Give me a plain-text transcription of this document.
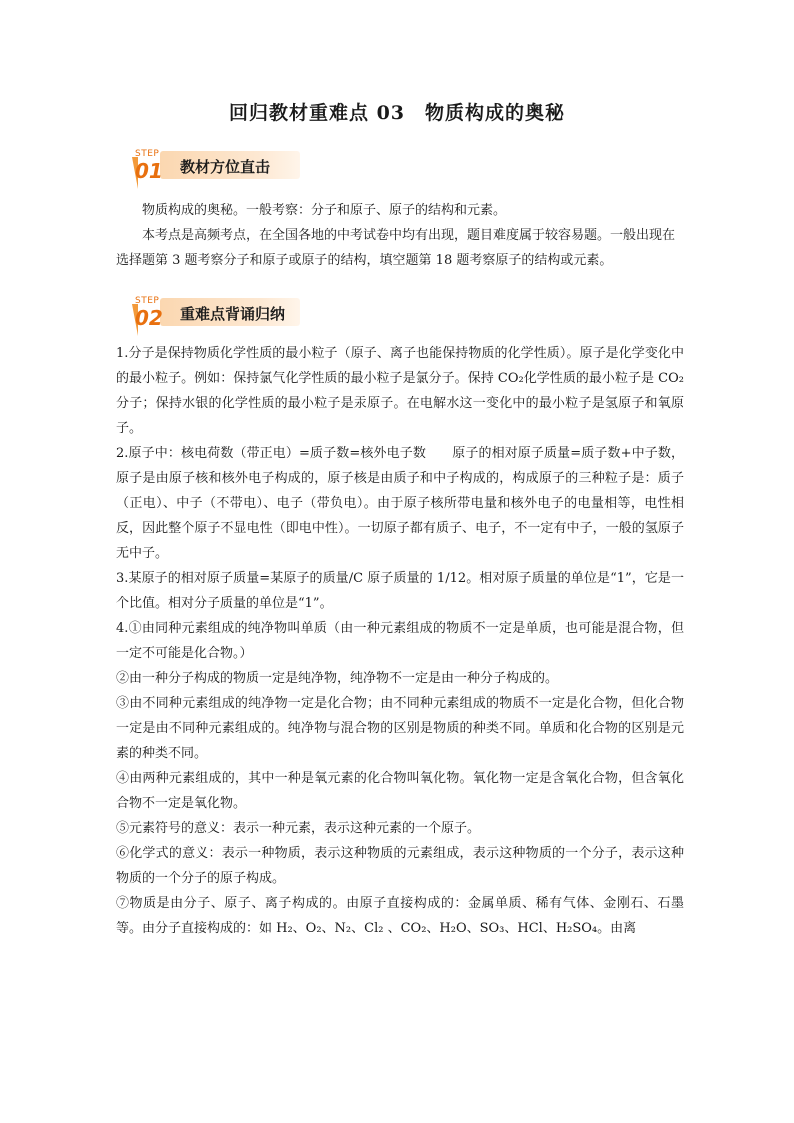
回归教材重难点 03　物质构成的奥秘
教材方位直击
STEP
01

物质构成的奥秘。一般考察：分子和原子、原子的结构和元素。

本考点是高频考点，在全国各地的中考试卷中均有出现，题目难度属于较容易题。一般出现在选择题第 3 题考察分子和原子或原子的结构，填空题第 18 题考察原子的结构或元素。

重难点背诵归纳
STEP
02

1.分子是保持物质化学性质的最小粒子（原子、离子也能保持物质的化学性质）。原子是化学变化中的最小粒子。例如：保持氯气化学性质的最小粒子是氯分子。保持 CO₂化学性质的最小粒子是 CO₂分子；保持水银的化学性质的最小粒子是汞原子。在电解水这一变化中的最小粒子是氢原子和氧原子。

2.原子中：核电荷数（带正电）=质子数=核外电子数　　原子的相对原子质量=质子数+中子数，原子是由原子核和核外电子构成的，原子核是由质子和中子构成的，构成原子的三种粒子是：质子（正电）、中子（不带电）、电子（带负电）。由于原子核所带电量和核外电子的电量相等，电性相反，因此整个原子不显电性（即电中性）。一切原子都有质子、电子，不一定有中子，一般的氢原子无中子。

3.某原子的相对原子质量=某原子的质量/C 原子质量的 1/12。相对原子质量的单位是“1”，它是一个比值。相对分子质量的单位是“1”。

4.①由同种元素组成的纯净物叫单质（由一种元素组成的物质不一定是单质，也可能是混合物，但一定不可能是化合物。）

②由一种分子构成的物质一定是纯净物，纯净物不一定是由一种分子构成的。

③由不同种元素组成的纯净物一定是化合物；由不同种元素组成的物质不一定是化合物，但化合物一定是由不同种元素组成的。纯净物与混合物的区别是物质的种类不同。单质和化合物的区别是元素的种类不同。

④由两种元素组成的，其中一种是氧元素的化合物叫氧化物。氧化物一定是含氧化合物，但含氧化合物不一定是氧化物。

⑤元素符号的意义：表示一种元素，表示这种元素的一个原子。

⑥化学式的意义：表示一种物质，表示这种物质的元素组成，表示这种物质的一个分子，表示这种物质的一个分子的原子构成。

⑦物质是由分子、原子、离子构成的。由原子直接构成的：金属单质、稀有气体、金刚石、石墨等。由分子直接构成的：如 H₂、O₂、N₂、Cl₂ 、CO₂、H₂O、SO₃、HCl、H₂SO₄。由离
